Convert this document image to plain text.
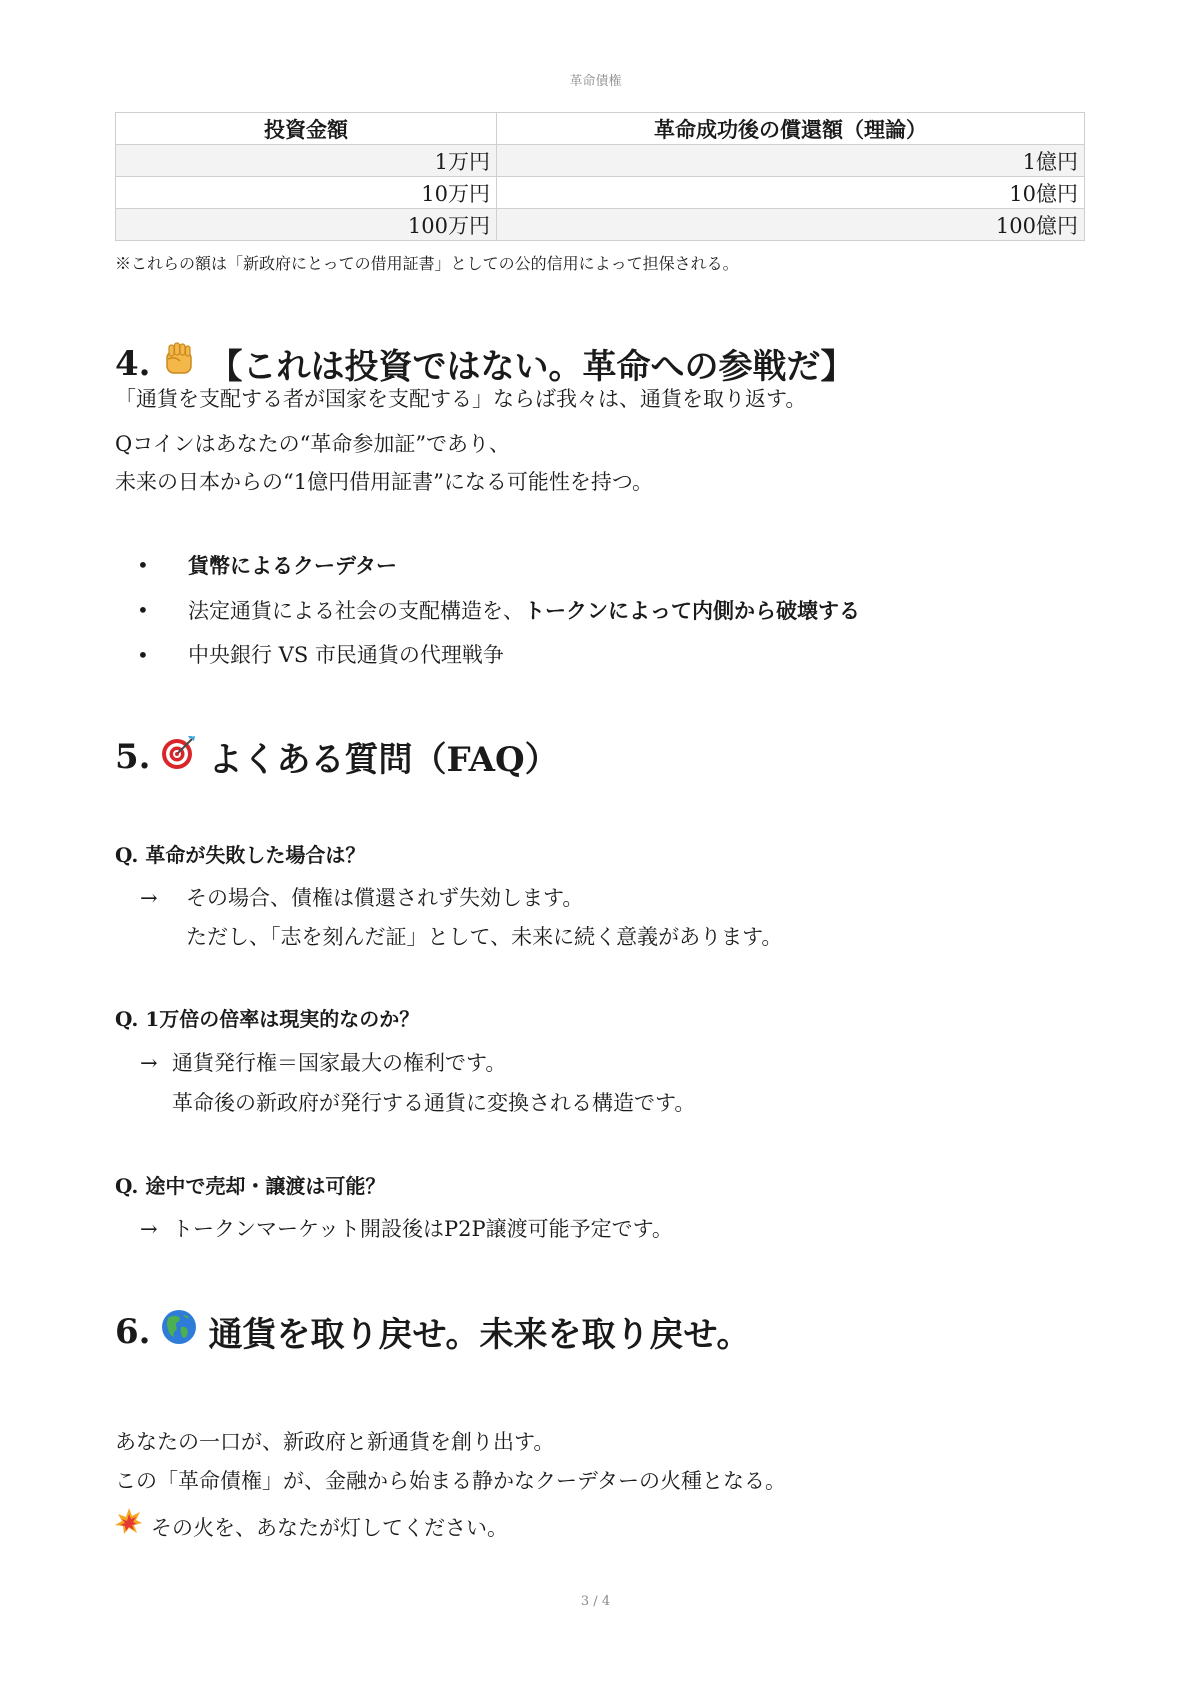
革命債権
投資金額	革命成功後の償還額（理論）
1万円	1億円
10万円	10億円
100万円	100億円
※これらの額は「新政府にとっての借用証書」としての公的信用によって担保される。
4. 【これは投資ではない。革命への参戦だ】

「通貨を支配する者が国家を支配する」ならば我々は、通貨を取り返す。

Qコインはあなたの“革命参加証”であり、

未来の日本からの“1億円借用証書”になる可能性を持つ。

• 貨幣によるクーデター
• 法定通貨による社会の支配構造を、トークンによって内側から破壊する
• 中央銀行 VS 市民通貨の代理戦争
5. よくある質問（FAQ）
Q. 革命が失敗した場合は？
→ その場合、債権は償還されず失効します。
ただし、「志を刻んだ証」として、未来に続く意義があります。
Q. 1万倍の倍率は現実的なのか？
→ 通貨発行権＝国家最大の権利です。
革命後の新政府が発行する通貨に変換される構造です。
Q. 途中で売却・譲渡は可能？
→ トークンマーケット開設後はP2P譲渡可能予定です。
6. 通貨を取り戻せ。未来を取り戻せ。

あなたの一口が、新政府と新通貨を創り出す。

この「革命債権」が、金融から始まる静かなクーデターの火種となる。

その火を、あなたが灯してください。

3 / 4
